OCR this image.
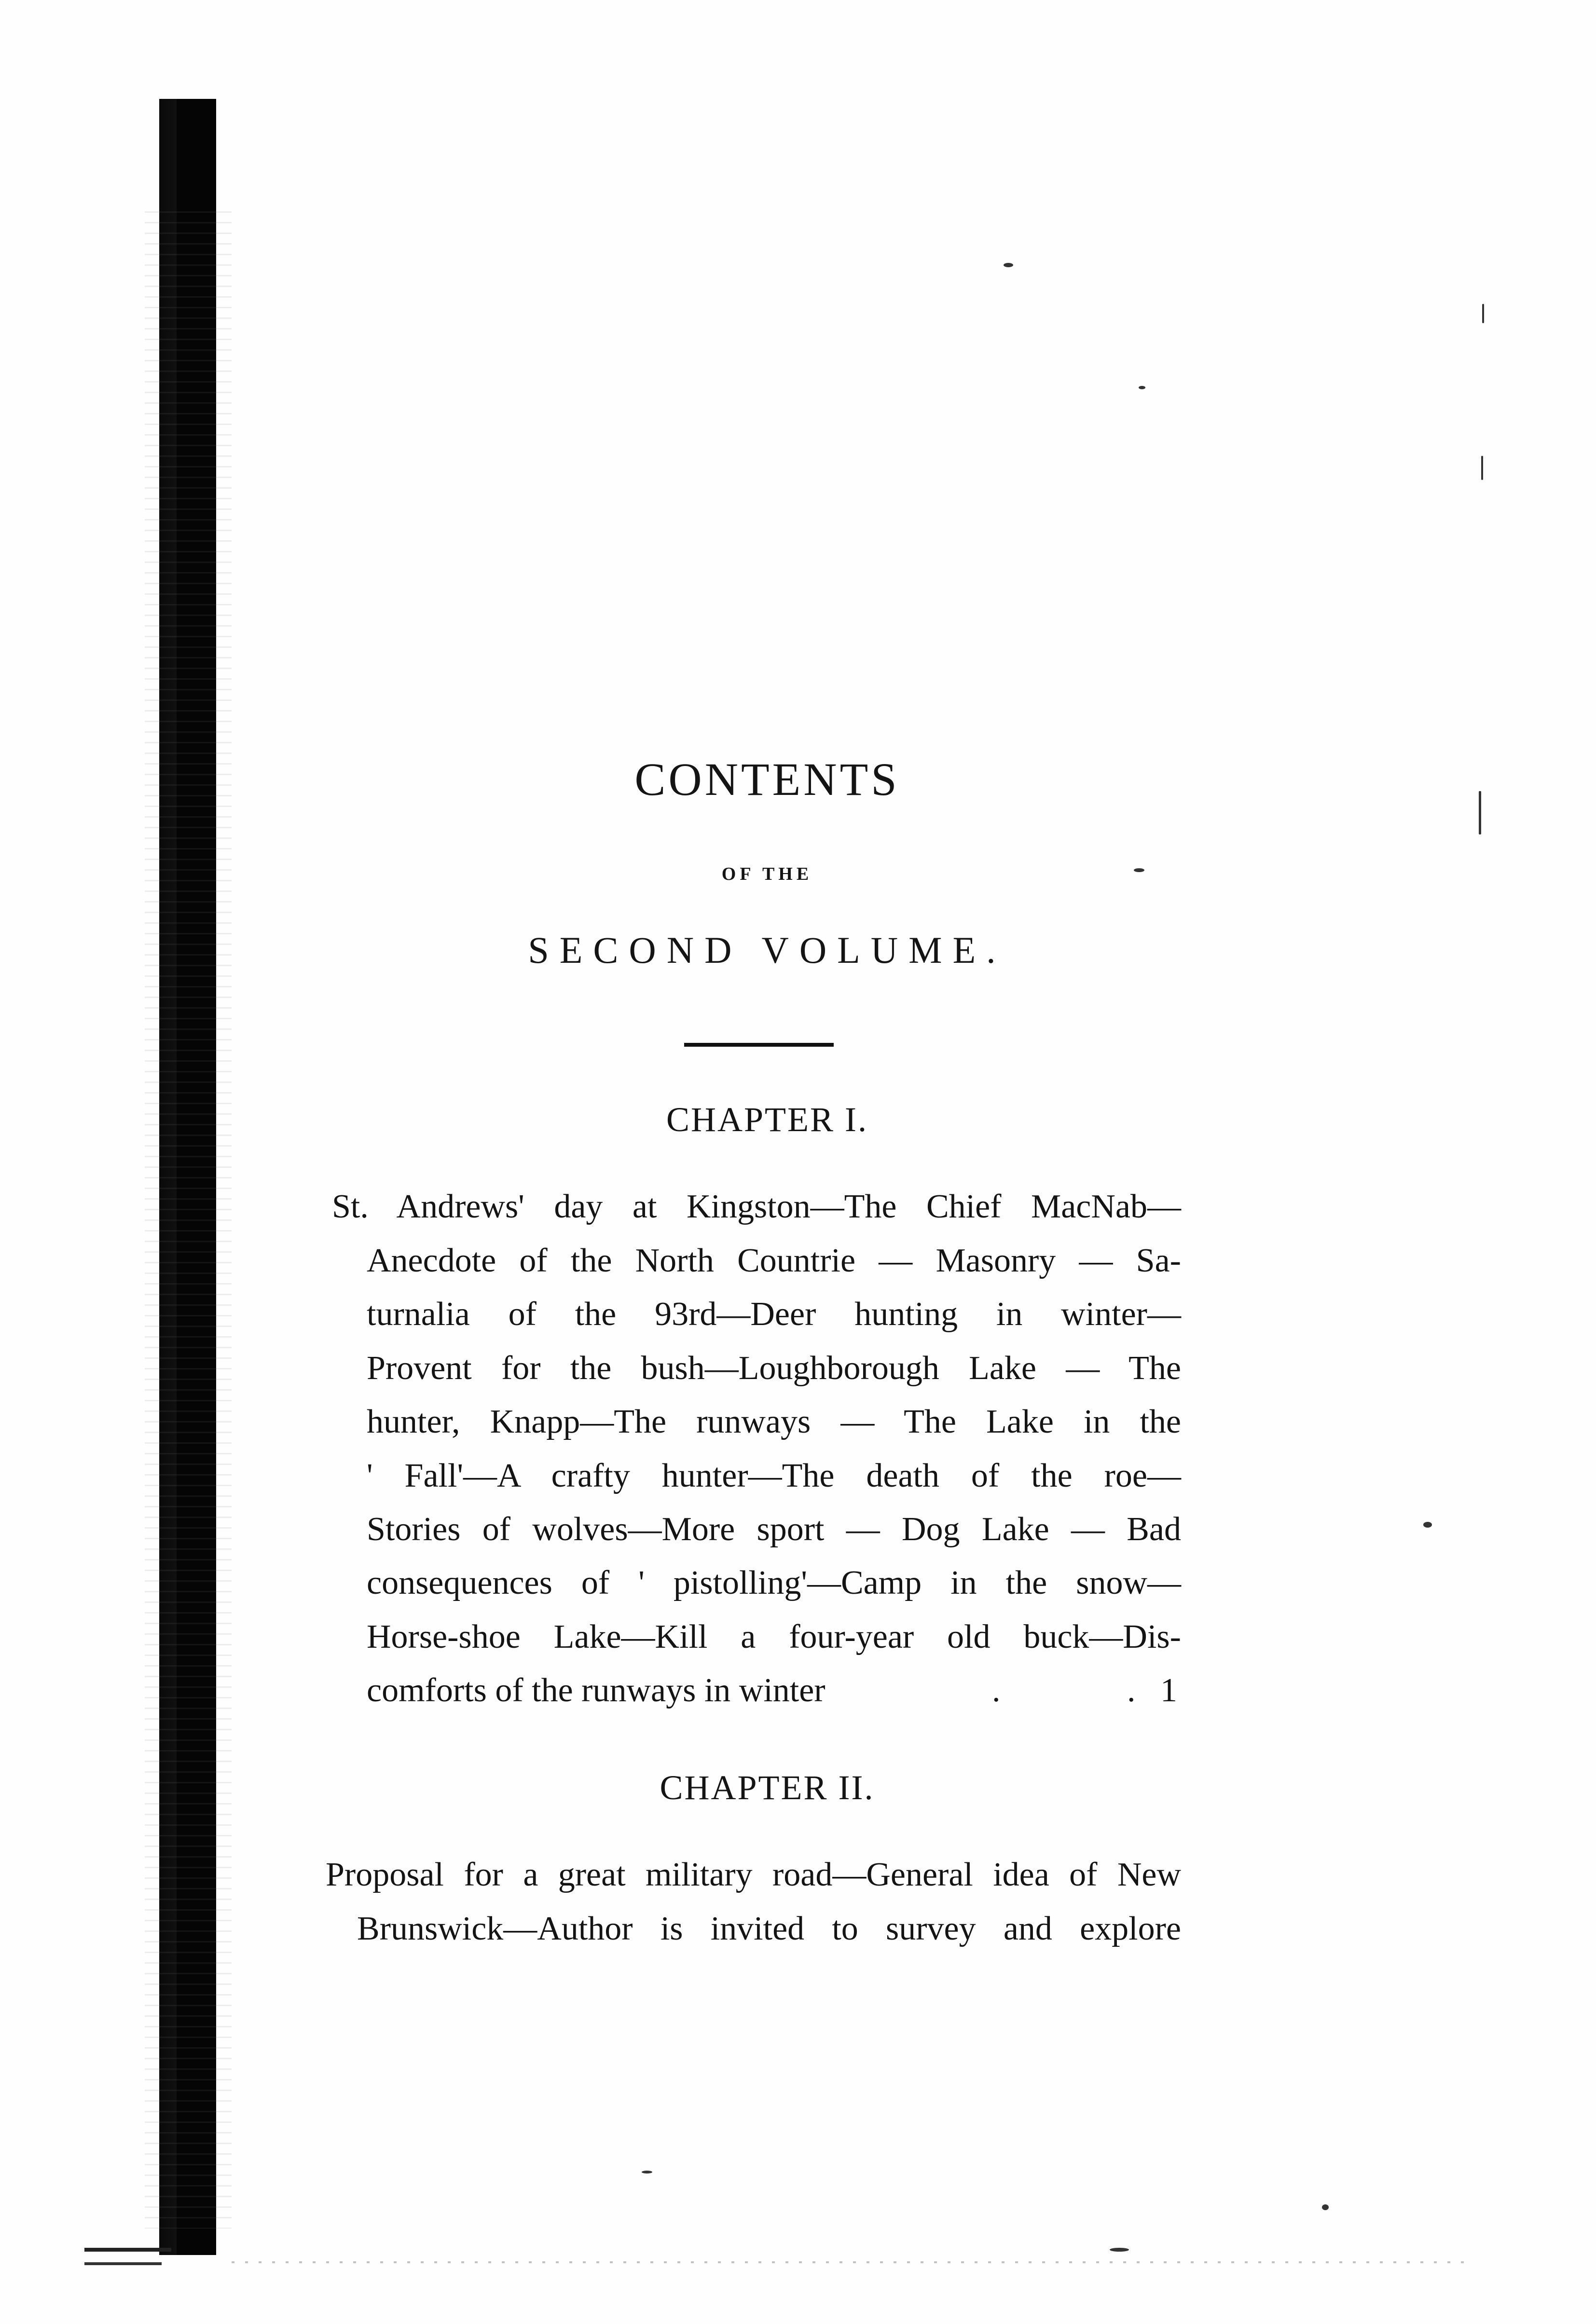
CONTENTS
OF THE
SECOND VOLUME.
CHAPTER I.
St. Andrews' day at Kingston—The Chief MacNab—
Anecdote of the North Countrie — Masonry — Sa-
turnalia of the 93rd—Deer hunting in winter—
Provent for the bush—Loughborough Lake — The
hunter, Knapp—The runways — The Lake in the
' Fall'—A crafty hunter—The death of the roe—
Stories of wolves—More sport — Dog Lake — Bad
consequences of ' pistolling'—Camp in the snow—
Horse-shoe Lake—Kill a four-year old buck—Dis-
comforts of the runways in winter	.	. 1
CHAPTER II.
Proposal for a great military road—General idea of New
Brunswick—Author is invited to survey and explore
